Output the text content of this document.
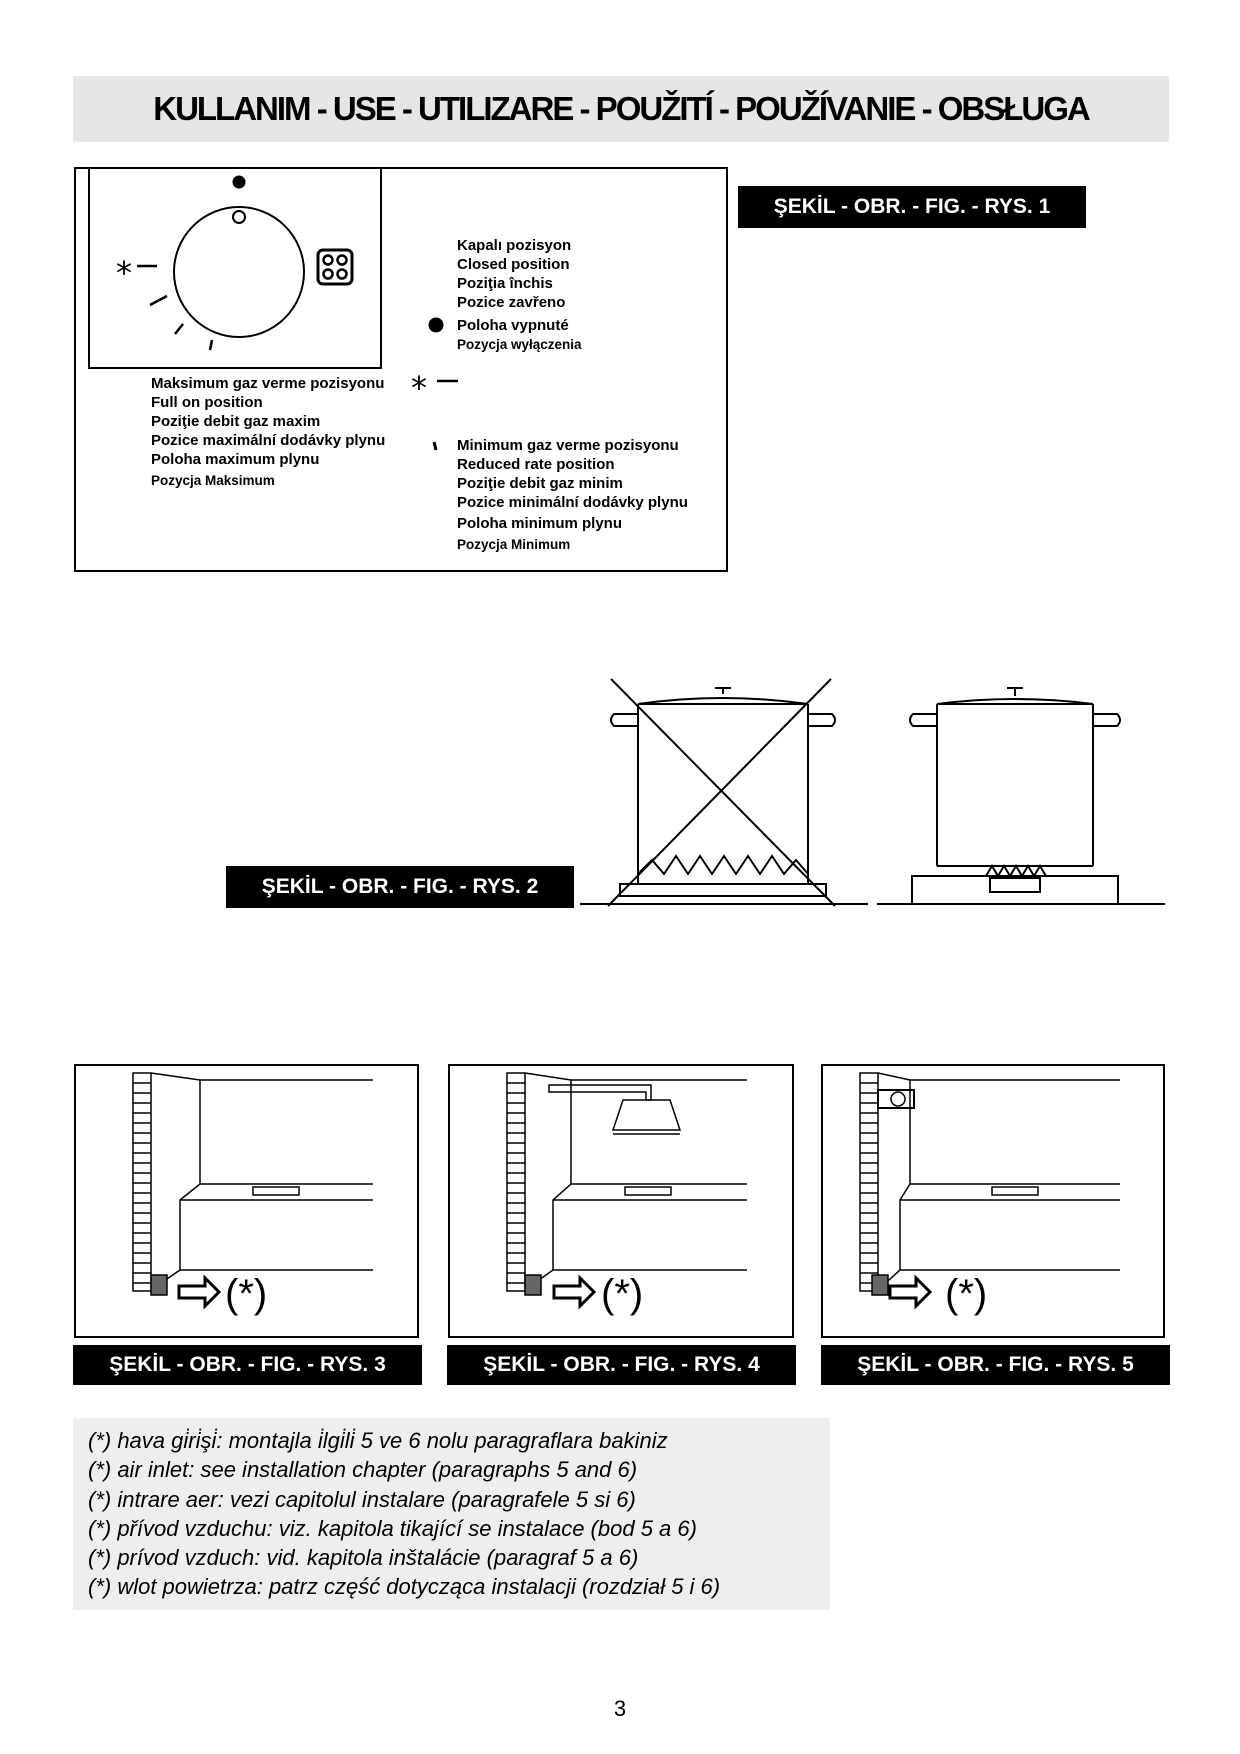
KULLANIM - USE - UTILIZARE - POUŽITÍ - POUŽÍVANIE - OBSŁUGA
ŞEKİL - OBR. - FIG. - RYS. 1
*
*
Kapalı pozisyon
Closed position
Poziţia închis
Pozice zavřeno
Poloha vypnuté
Pozycja wyłączenia
Maksimum gaz verme pozisyonu
Full on position
Poziţie debit gaz maxim
Pozice maximální dodávky plynu
Poloha maximum plynu
Pozycja Maksimum
Minimum gaz verme pozisyonu
Reduced rate position
Poziţie debit gaz minim
Pozice minimální dodávky plynu
Poloha minimum plynu
Pozycja Minimum
ŞEKİL - OBR. - FIG. - RYS. 2
(*)	(*)	(*)
ŞEKİL - OBR. - FIG. - RYS. 3	ŞEKİL - OBR. - FIG. - RYS. 4	ŞEKİL - OBR. - FIG. - RYS. 5
(*) hava gi̇ri̇şi̇: montajla i̇lgi̇li̇ 5 ve 6 nolu paragraflara bakiniz
(*) air inlet: see installation chapter (paragraphs 5 and 6)
(*) intrare aer: vezi capitolul instalare (paragrafele 5 si 6)
(*) přívod vzduchu: viz. kapitola tikající se instalace (bod 5 a 6)
(*) prívod vzduch: vid. kapitola inštalácie (paragraf 5 a 6)
(*) wlot powietrza: patrz część dotycząca instalacji (rozdział 5 i 6)
3
